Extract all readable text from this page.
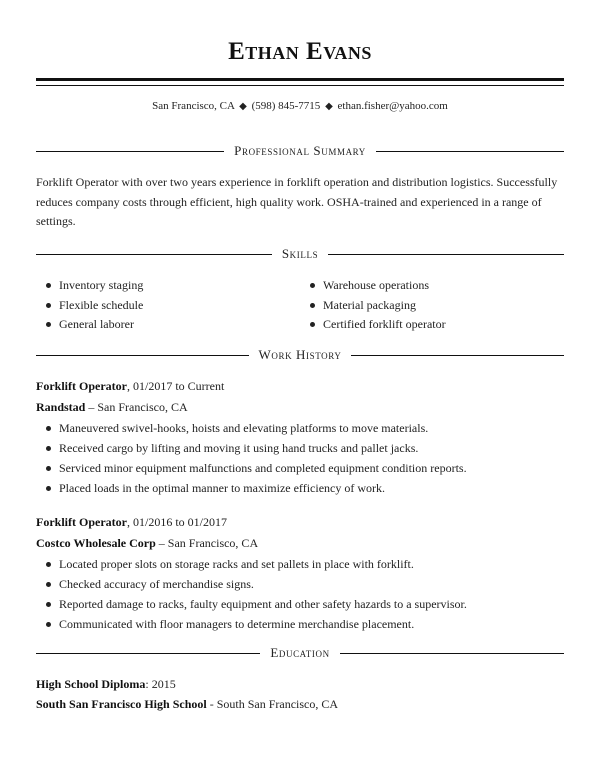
Ethan Evans
San Francisco, CA ◆ (598) 845-7715 ◆ ethan.fisher@yahoo.com
Professional Summary
Forklift Operator with over two years experience in forklift operation and distribution logistics. Successfully reduces company costs through efficient, high quality work. OSHA-trained and experienced in a range of settings.
Skills
Inventory staging	Warehouse operations
Flexible schedule	Material packaging
General laborer	Certified forklift operator
Work History
Forklift Operator, 01/2017 to Current
Randstad – San Francisco, CA
Maneuvered swivel-hooks, hoists and elevating platforms to move materials.
Received cargo by lifting and moving it using hand trucks and pallet jacks.
Serviced minor equipment malfunctions and completed equipment condition reports.
Placed loads in the optimal manner to maximize efficiency of work.
Forklift Operator, 01/2016 to 01/2017
Costco Wholesale Corp – San Francisco, CA
Located proper slots on storage racks and set pallets in place with forklift.
Checked accuracy of merchandise signs.
Reported damage to racks, faulty equipment and other safety hazards to a supervisor.
Communicated with floor managers to determine merchandise placement.
Education
High School Diploma: 2015
South San Francisco High School - South San Francisco, CA
